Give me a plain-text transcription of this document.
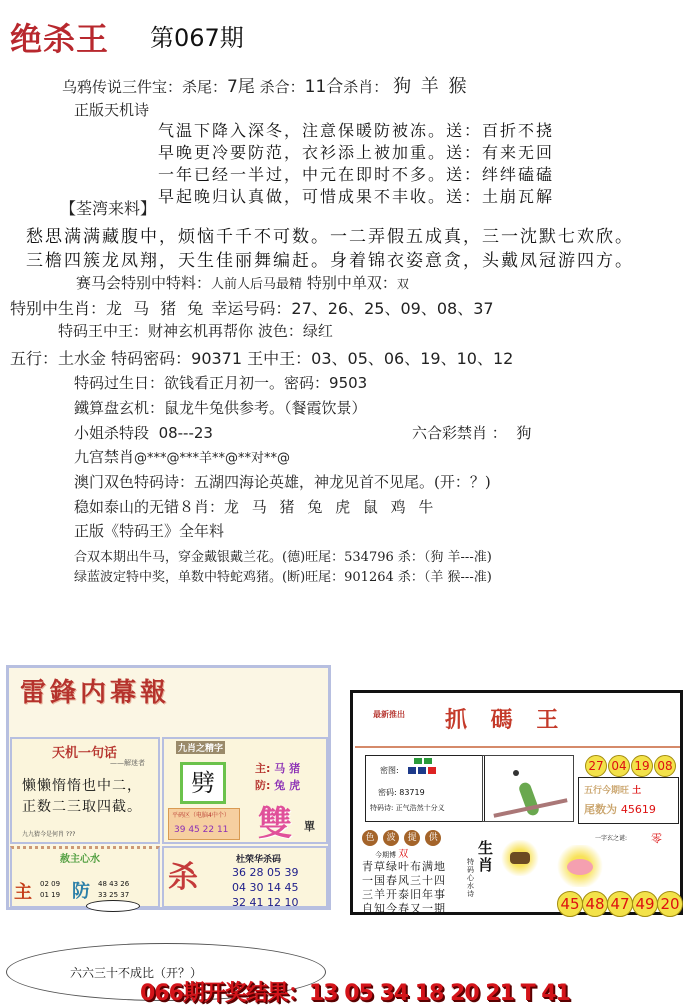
绝杀王 第067期
乌鸦传说三件宝：杀尾：7尾 杀合：11合杀肖： 狗 羊 猴
正版天机诗
气温下降入深冬，注意保暖防被冻。送：百折不挠
早晚更冷要防范，衣衫添上被加重。送：有来无回
一年已经一半过，中元在即时不多。送：绊绊磕磕
早起晚归认真做，可惜成果不丰收。送：土崩瓦解
【荃湾来料】
愁思满满藏腹中，烦恼千千不可数。一二弄假五成真，三一沈默七欢欣。
三檐四簇龙凤翔，天生佳丽舞编赶。身着锦衣姿意贪，头戴凤冠游四方。
赛马会特别中特料：人前人后马最精 特别中单双：双
特别中生肖：龙 马 猪 兔 幸运号码：27、26、25、09、08、37
特码王中王：财神玄机再帮你 波色：绿红
五行：土水金 特码密码：90371 王中王：03、05、06、19、10、12
特码过生日：欲钱看正月初一。密码：9503
鐵算盘玄机：鼠龙牛兔供参考。（餐霞饮景）
小姐杀特段 08---23	六合彩禁肖 ： 狗
九宫禁肖@***@***羊**@**对**@
澳门双色特码诗：五湖四海论英雄，神龙见首不见尾。(开：？)
稳如泰山的无错８肖：龙 马 猪 兔 虎 鼠 鸡 牛
正版《特码王》全年料
合双本期出牛马，穿金戴银戴兰花。(德)旺尾：534796 杀：（狗 羊---准)
绿蓝波定特中奖，单数中特蛇鸡猪。(断)旺尾：901264 杀：（羊 猴---准)
雷鋒内幕報
天机一句话
——解迷者
懒懒惰惰也中二，
正数二三取四截。
九九猜今是何肖 ???
九肖之精字
劈
平码区（电脑4中个）
39 45 22 11
主: 马 猪
防: 兔 虎
雙 單
赦主心水
主 02 09
01 19 防 48 43 26
33 25 37 杀	杜荣华杀码
36 28 05 39
04 30 14 45
32 41 12 10
最新推出 抓 碼 王
密图:
密码: 83719
特码诗: 正气浩然十分义
27 04 19 08
五行今期旺 土
尾数为 45619
色 波 提 供
今期博 双
青草绿叶布满地
一国春风三十四
三羊开泰旧年事
自知今春又一期
特码心水诗
生肖
一字玄之谜: 零
45 48 47 49 20
六六三十不成比（开？）
066期开奖结果：13 05 34 18 20 21 T 41
